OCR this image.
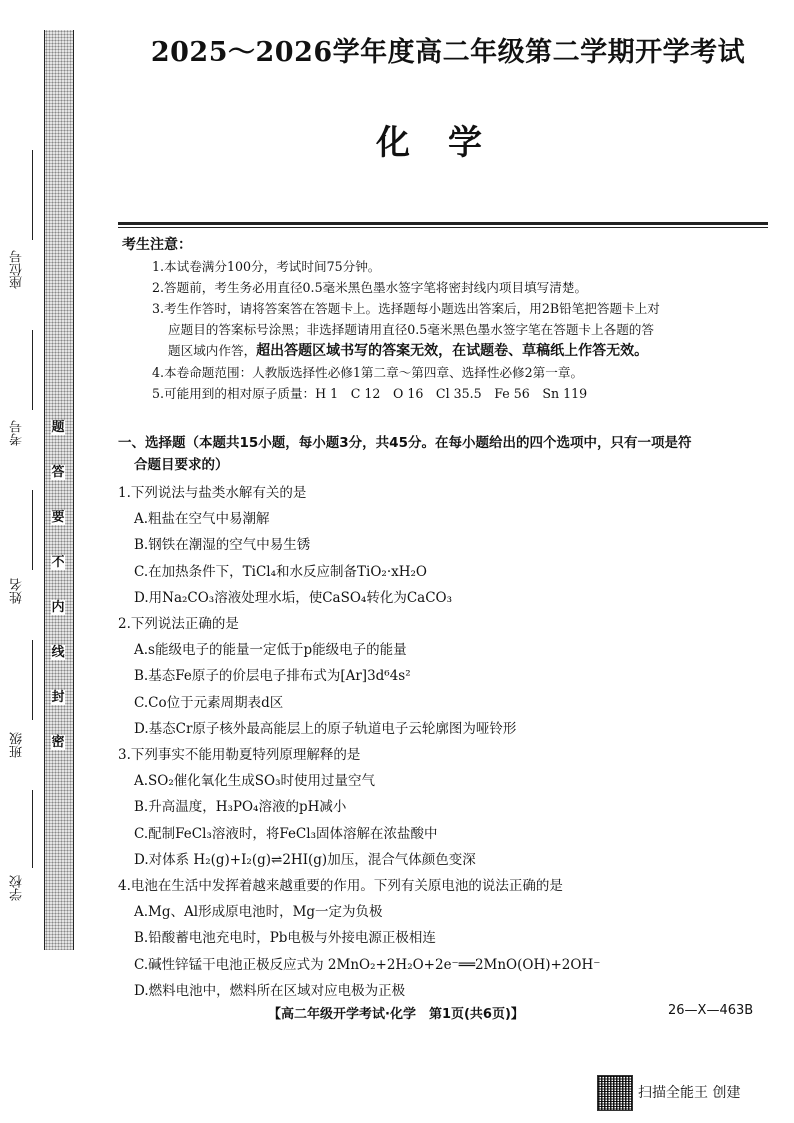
题
答
要
不
内
线
封
密
座位号
考号
姓名
班级
学校
2025～2026学年度高二年级第二学期开学考试
化学
考生注意：

1.本试卷满分100分，考试时间75分钟。

2.答题前，考生务必用直径0.5毫米黑色墨水签字笔将密封线内项目填写清楚。

3.考生作答时，请将答案答在答题卡上。选择题每小题选出答案后，用2B铅笔把答题卡上对

应题目的答案标号涂黑；非选择题请用直径0.5毫米黑色墨水签字笔在答题卡上各题的答

题区域内作答，超出答题区域书写的答案无效，在试题卷、草稿纸上作答无效。

4.本卷命题范围：人教版选择性必修1第二章～第四章、选择性必修2第一章。

5.可能用到的相对原子质量：H 1　C 12　O 16　Cl 35.5　Fe 56　Sn 119

一、选择题（本题共15小题，每小题3分，共45分。在每小题给出的四个选项中，只有一项是符
合题目要求的）

1.下列说法与盐类水解有关的是

A.粗盐在空气中易潮解

B.钢铁在潮湿的空气中易生锈

C.在加热条件下，TiCl₄和水反应制备TiO₂·xH₂O

D.用Na₂CO₃溶液处理水垢，使CaSO₄转化为CaCO₃

2.下列说法正确的是

A.s能级电子的能量一定低于p能级电子的能量

B.基态Fe原子的价层电子排布式为[Ar]3d⁶4s²

C.Co位于元素周期表d区

D.基态Cr原子核外最高能层上的原子轨道电子云轮廓图为哑铃形

3.下列事实不能用勒夏特列原理解释的是

A.SO₂催化氧化生成SO₃时使用过量空气

B.升高温度，H₃PO₄溶液的pH减小

C.配制FeCl₃溶液时，将FeCl₃固体溶解在浓盐酸中

D.对体系 H₂(g)+I₂(g)⇌2HI(g)加压，混合气体颜色变深

4.电池在生活中发挥着越来越重要的作用。下列有关原电池的说法正确的是

A.Mg、Al形成原电池时，Mg一定为负极

B.铅酸蓄电池充电时，Pb电极与外接电源正极相连

C.碱性锌锰干电池正极反应式为 2MnO₂+2H₂O+2e⁻══2MnO(OH)+2OH⁻

D.燃料电池中，燃料所在区域对应电极为正极

【高二年级开学考试·化学　第1页(共6页)】	26—X—463B
扫描全能王 创建
